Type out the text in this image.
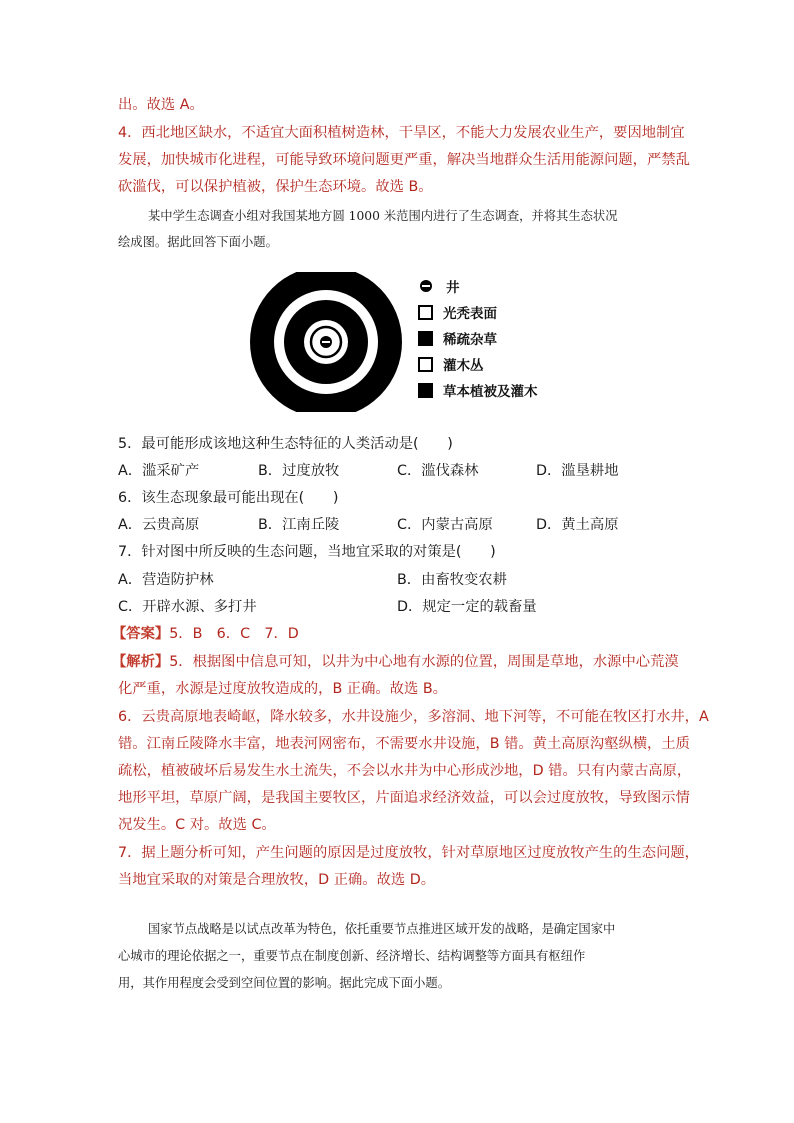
出。故选 A。
4．西北地区缺水，不适宜大面积植树造林，干旱区，不能大力发展农业生产，要因地制宜
发展，加快城市化进程，可能导致环境问题更严重，解决当地群众生活用能源问题，严禁乱
砍滥伐，可以保护植被，保护生态环境。故选 B。
某中学生态调查小组对我国某地方圆 1000 米范围内进行了生态调查，并将其生态状况
绘成图。据此回答下面小题。
井
光秃表面
稀疏杂草
灌木丛
草本植被及灌木
5．最可能形成该地这种生态特征的人类活动是(　　)
A．滥采矿产	B．过度放牧	C．滥伐森林	D．滥垦耕地
6．该生态现象最可能出现在(　　)
A．云贵高原	B．江南丘陵	C．内蒙古高原	D．黄土高原
7．针对图中所反映的生态问题，当地宜采取的对策是(　　)
A．营造防护林	B．由畜牧变农耕
C．开辟水源、多打井	D．规定一定的载畜量
【答案】5．B　6．C　7．D
【解析】5．根据图中信息可知，以井为中心地有水源的位置，周围是草地，水源中心荒漠
化严重，水源是过度放牧造成的，B 正确。故选 B。
6．云贵高原地表崎岖，降水较多，水井设施少，多溶洞、地下河等，不可能在牧区打水井，A
错。江南丘陵降水丰富，地表河网密布，不需要水井设施，B 错。黄土高原沟壑纵横，土质
疏松，植被破坏后易发生水土流失，不会以水井为中心形成沙地，D 错。只有内蒙古高原，
地形平坦，草原广阔，是我国主要牧区，片面追求经济效益，可以会过度放牧，导致图示情
况发生。C 对。故选 C。
7．据上题分析可知，产生问题的原因是过度放牧，针对草原地区过度放牧产生的生态问题，
当地宜采取的对策是合理放牧，D 正确。故选 D。
国家节点战略是以试点改革为特色，依托重要节点推进区域开发的战略，是确定国家中
心城市的理论依据之一，重要节点在制度创新、经济增长、结构调整等方面具有枢纽作
用，其作用程度会受到空间位置的影响。据此完成下面小题。
